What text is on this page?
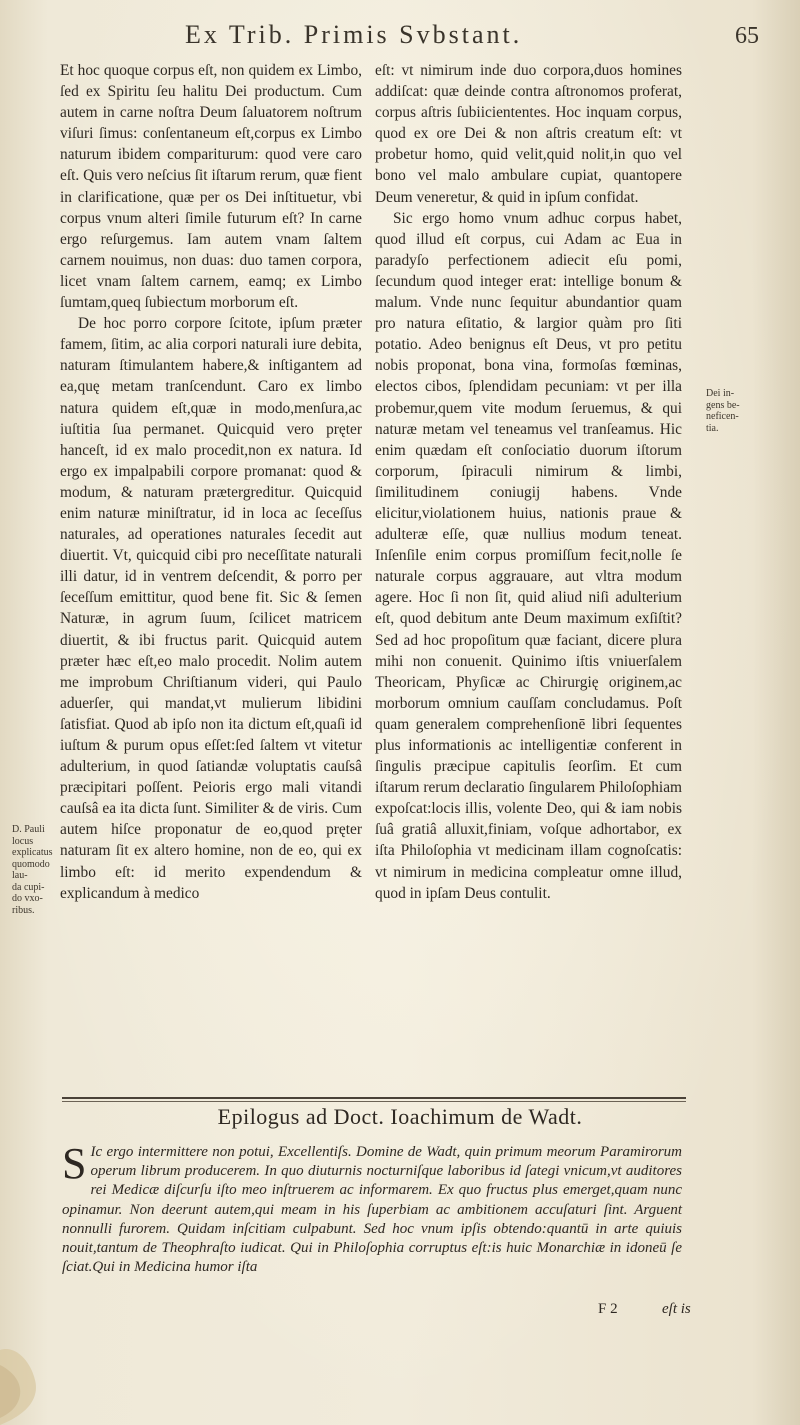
Ex Trib. Primis Svbstant.	65

Et hoc quoque corpus eſt, non quidem ex Limbo, ſed ex Spiritu ſeu halitu Dei productum. Cum autem in carne noſtra Deum ſaluatorem noſtrum viſuri ſimus: conſentaneum eſt,corpus ex Limbo naturum ibidem compariturum: quod vere caro eſt. Quis vero neſcius ſit iſtarum rerum, quæ fient in clarificatione, quæ per os Dei inſtituetur, vbi corpus vnum alteri ſimile futurum eſt? In carne ergo reſurgemus. Iam autem vnam ſaltem carnem nouimus, non duas: duo tamen corpora, licet vnam ſaltem carnem, eamq; ex Limbo ſumtam,queq ſubiectum morborum eſt.

De hoc porro corpore ſcitote, ipſum præter famem, ſitim, ac alia corpori naturali iure debita, naturam ſtimulantem habere,& inſtigantem ad ea,quę metam tranſcendunt. Caro ex limbo natura quidem eſt,quæ in modo,menſura,ac iuſtitia ſua permanet. Quicquid vero pręter hanceſt, id ex malo procedit,non ex natura. Id ergo ex impalpabili corpore promanat: quod & modum, & naturam prætergreditur. Quicquid enim naturæ miniſtratur, id in loca ac ſeceſſus naturales, ad operationes naturales ſecedit aut diuertit. Vt, quicquid cibi pro neceſſitate naturali illi datur, id in ventrem deſcendit, & porro per ſeceſſum emittitur, quod bene fit. Sic & ſemen Naturæ, in agrum ſuum, ſcilicet matricem diuertit, & ibi fructus parit. Quicquid autem præter hæc eſt,eo malo procedit. Nolim autem me improbum Chriſtianum videri, qui Paulo aduerſer, qui mandat,vt mulierum libidini ſatisfiat. Quod ab ipſo non ita dictum eſt,quaſi id iuſtum & purum opus eſſet:ſed ſaltem vt vitetur adulterium, in quod ſatiandæ voluptatis cauſsâ præcipitari poſſent. Peioris ergo mali vitandi cauſsâ ea ita dicta ſunt. Similiter & de viris. Cum autem hiſce proponatur de eo,quod pręter naturam ſit ex altero homine, non de eo, qui ex limbo eſt: id merito expendendum & explicandum à medico

eſt: vt nimirum inde duo corpora,duos homines addiſcat: quæ deinde contra aſtronomos proferat, corpus aſtris ſubiiciententes. Hoc inquam corpus, quod ex ore Dei & non aſtris creatum eſt: vt probetur homo, quid velit,quid nolit,in quo vel bono vel malo ambulare cupiat, quantopere Deum veneretur, & quid in ipſum confidat.

Sic ergo homo vnum adhuc corpus habet, quod illud eſt corpus, cui Adam ac Eua in paradyſo perfectionem adiecit eſu pomi, ſecundum quod integer erat: intellige bonum & malum. Vnde nunc ſequitur abundantior quam pro natura eſitatio, & largior quàm pro ſiti potatio. Adeo benignus eſt Deus, vt pro petitu nobis proponat, bona vina, formoſas fœminas, electos cibos, ſplendidam pecuniam: vt per illa probemur,quem vite modum ſeruemus, & qui naturæ metam vel teneamus vel tranſeamus. Hic enim quædam eſt conſociatio duorum iſtorum corporum, ſpiraculi nimirum & limbi, ſimilitudinem coniugij habens. Vnde elicitur,violationem huius, nationis praue & adulteræ eſſe, quæ nullius modum teneat. Inſenſile enim corpus promiſſum fecit,nolle ſe naturale corpus aggrauare, aut vltra modum agere. Hoc ſi non ſit, quid aliud niſi adulterium eſt, quod debitum ante Deum maximum exſiſtit? Sed ad hoc propoſitum quæ faciant, dicere plura mihi non conuenit. Quinimo iſtis vniuerſalem Theoricam, Phyſicæ ac Chirurgię originem,ac morborum omnium cauſſam concludamus. Poſt quam generalem comprehenſionē libri ſequentes plus informationis ac intelligentiæ conferent in ſingulis præcipue capitulis ſeorſim. Et cum iſtarum rerum declaratio ſingularem Philoſophiam expoſcat:locis illis, volente Deo, qui & iam nobis ſuâ gratiâ alluxit,finiam, voſque adhortabor, ex iſta Philoſophia vt medicinam illam cognoſcatis: vt nimirum in medicina compleatur omne illud, quod in ipſam Deus contulit.

D. Pauli
locus explicatus
quomodo lau-
da cupi-
do vxo-
ribus.
Dei in-
gens be-
neficen-
tia.
Epilogus ad Doct. Ioachimum de Wadt.
S Ic ergo intermittere non potui, Excellentiſs. Domine de Wadt, quin primum meorum Paramirorum operum librum producerem. In quo diuturnis nocturniſque laboribus id ſategi vnicum,vt auditores rei Medicæ diſcurſu iſto meo inſtruerem ac informarem. Ex quo fructus plus emerget,quam nunc opinamur. Non deerunt autem,qui meam in his ſuperbiam ac ambitionem accuſaturi ſint. Arguent nonnulli furorem. Quidam inſcitiam culpabunt. Sed hoc vnum ipſis obtendo:quantū in arte quiuis nouit,tantum de Theophraſto iudicat. Qui in Philoſophia corruptus eſt:is huic Monarchiæ in idoneū ſe ſciat.Qui in Medicina humor iſta
F 2	eſt is
